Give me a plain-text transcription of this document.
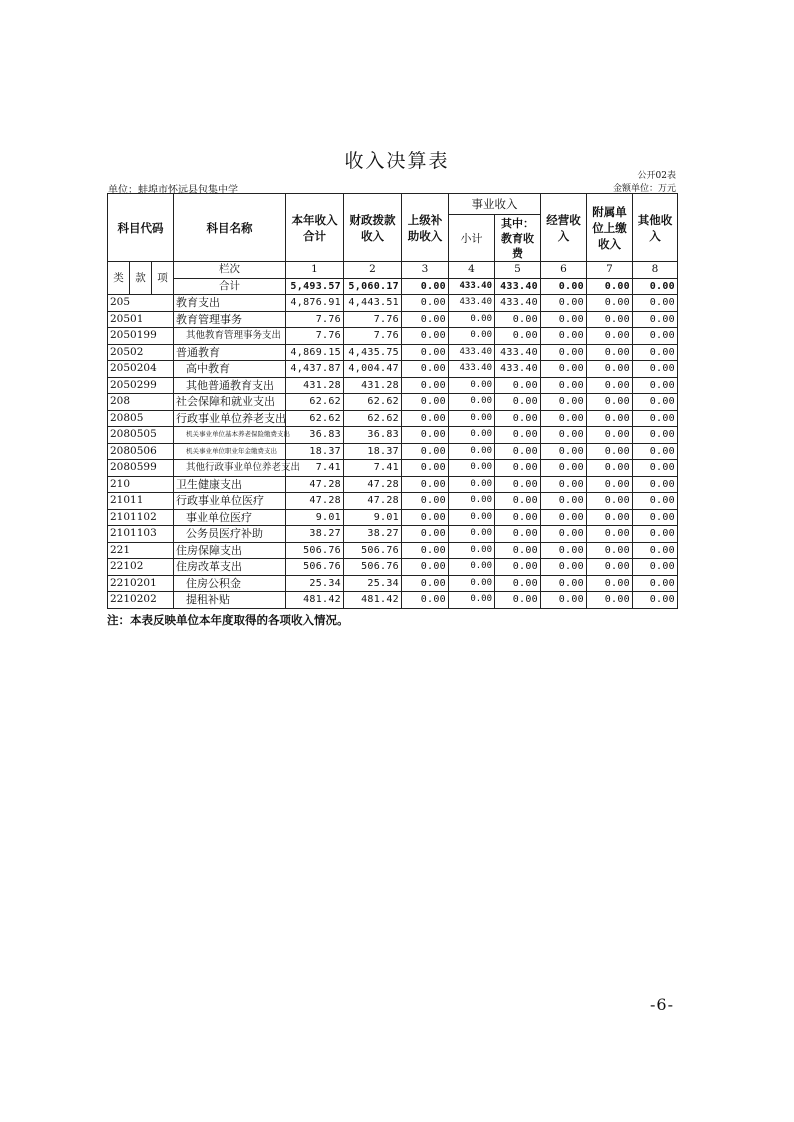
收入决算表
公开02表
单位：蚌埠市怀远县包集中学	金额单位：万元
科目代码			科目名称	本年收入合计	财政拨款收入	上级补助收入	事业收入		经营收入	附属单位上缴收入	其他收入
							小计	其中：教育收费			
类	款	项	栏次	1	2	3	4	5	6	7	8
			合计	5,493.57	5,060.17	0.00	433.40	433.40	0.00	0.00	0.00
205			教育支出	4,876.91	4,443.51	0.00	433.40	433.40	0.00	0.00	0.00
20501			教育管理事务	7.76	7.76	0.00	0.00	0.00	0.00	0.00	0.00
2050199			其他教育管理事务支出	7.76	7.76	0.00	0.00	0.00	0.00	0.00	0.00
20502			普通教育	4,869.15	4,435.75	0.00	433.40	433.40	0.00	0.00	0.00
2050204			高中教育	4,437.87	4,004.47	0.00	433.40	433.40	0.00	0.00	0.00
2050299			其他普通教育支出	431.28	431.28	0.00	0.00	0.00	0.00	0.00	0.00
208			社会保障和就业支出	62.62	62.62	0.00	0.00	0.00	0.00	0.00	0.00
20805			行政事业单位养老支出	62.62	62.62	0.00	0.00	0.00	0.00	0.00	0.00
2080505			机关事业单位基本养老保险缴费支出	36.83	36.83	0.00	0.00	0.00	0.00	0.00	0.00
2080506			机关事业单位职业年金缴费支出	18.37	18.37	0.00	0.00	0.00	0.00	0.00	0.00
2080599			其他行政事业单位养老支出	7.41	7.41	0.00	0.00	0.00	0.00	0.00	0.00
210			卫生健康支出	47.28	47.28	0.00	0.00	0.00	0.00	0.00	0.00
21011			行政事业单位医疗	47.28	47.28	0.00	0.00	0.00	0.00	0.00	0.00
2101102			事业单位医疗	9.01	9.01	0.00	0.00	0.00	0.00	0.00	0.00
2101103			公务员医疗补助	38.27	38.27	0.00	0.00	0.00	0.00	0.00	0.00
221			住房保障支出	506.76	506.76	0.00	0.00	0.00	0.00	0.00	0.00
22102			住房改革支出	506.76	506.76	0.00	0.00	0.00	0.00	0.00	0.00
2210201			住房公积金	25.34	25.34	0.00	0.00	0.00	0.00	0.00	0.00
2210202			提租补贴	481.42	481.42	0.00	0.00	0.00	0.00	0.00	0.00
注：本表反映单位本年度取得的各项收入情况。
-6-
